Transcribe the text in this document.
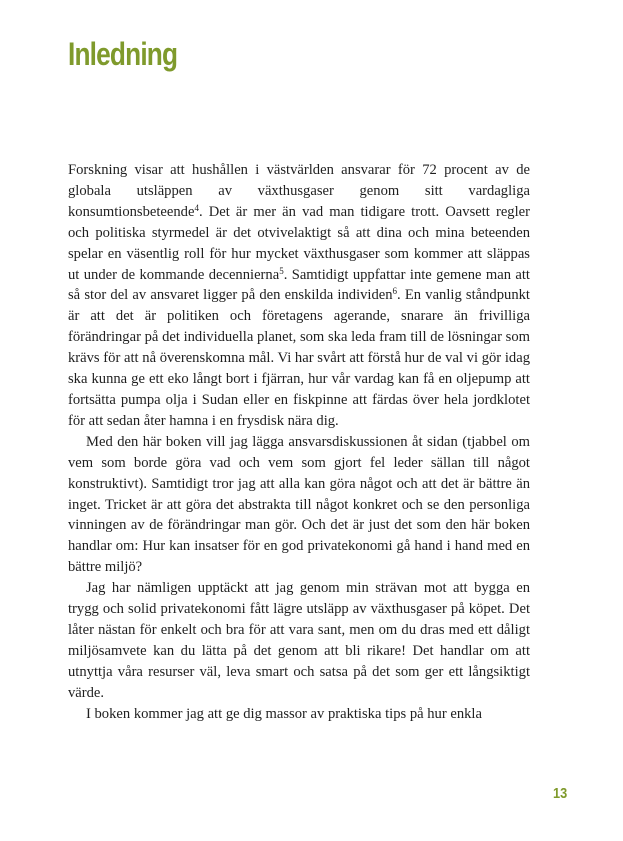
Inledning

Forskning visar att hushållen i västvärlden ansvarar för 72 procent av de globala utsläppen av växthusgaser genom sitt vardagliga konsumtionsbeteende$^4$. Det är mer än vad man tidigare trott. Oavsett regler och politiska styrmedel är det otvivelaktigt så att dina och mina beteenden spelar en väsentlig roll för hur mycket växthusgaser som kommer att släppas ut under de kommande decennierna$^5$. Samtidigt uppfattar inte gemene man att så stor del av ansvaret ligger på den enskilda individen$^6$. En vanlig ståndpunkt är att det är politiken och företagens agerande, snarare än frivilliga förändringar på det individuella planet, som ska leda fram till de lösningar som krävs för att nå överenskomna mål. Vi har svårt att förstå hur de val vi gör idag ska kunna ge ett eko långt bort i fjärran, hur vår vardag kan få en oljepump att fortsätta pumpa olja i Sudan eller en fiskpinne att färdas över hela jordklotet för att sedan åter hamna i en frysdisk nära dig.

Med den här boken vill jag lägga ansvarsdiskussionen åt sidan (tjabbel om vem som borde göra vad och vem som gjort fel leder sällan till något konstruktivt). Samtidigt tror jag att alla kan göra något och att det är bättre än inget. Tricket är att göra det abstrakta till något konkret och se den personliga vinningen av de förändringar man gör. Och det är just det som den här boken handlar om: Hur kan insatser för en god privatekonomi gå hand i hand med en bättre miljö?

Jag har nämligen upptäckt att jag genom min strävan mot att bygga en trygg och solid privatekonomi fått lägre utsläpp av växthusgaser på köpet. Det låter nästan för enkelt och bra för att vara sant, men om du dras med ett dåligt miljösamvete kan du lätta på det genom att bli rikare! Det handlar om att utnyttja våra resurser väl, leva smart och satsa på det som ger ett långsiktigt värde.

I boken kommer jag att ge dig massor av praktiska tips på hur enkla

13
